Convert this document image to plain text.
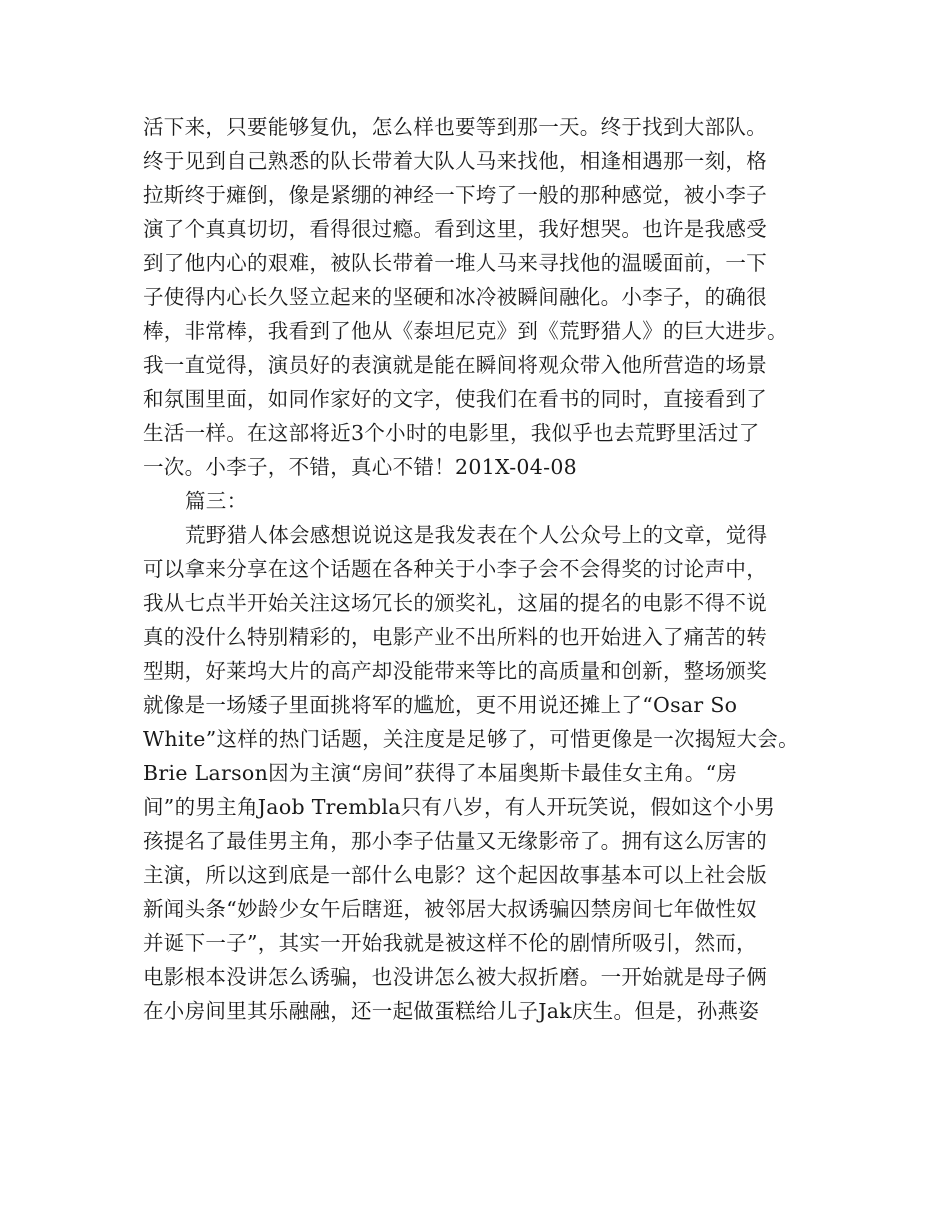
活下来，只要能够复仇，怎么样也要等到那一天。终于找到大部队。
终于见到自己熟悉的队长带着大队人马来找他，相逢相遇那一刻，格
拉斯终于瘫倒，像是紧绷的神经一下垮了一般的那种感觉，被小李子
演了个真真切切，看得很过瘾。看到这里，我好想哭。也许是我感受
到了他内心的艰难，被队长带着一堆人马来寻找他的温暖面前，一下
子使得内心长久竖立起来的坚硬和冰冷被瞬间融化。小李子，的确很
棒，非常棒，我看到了他从《泰坦尼克》到《荒野猎人》的巨大进步。
我一直觉得，演员好的表演就是能在瞬间将观众带入他所营造的场景
和氛围里面，如同作家好的文字，使我们在看书的同时，直接看到了
生活一样。在这部将近3个小时的电影里，我似乎也去荒野里活过了
一次。小李子，不错，真心不错！201X-04-08
篇三：
荒野猎人体会感想说说这是我发表在个人公众号上的文章，觉得
可以拿来分享在这个话题在各种关于小李子会不会得奖的讨论声中，
我从七点半开始关注这场冗长的颁奖礼，这届的提名的电影不得不说
真的没什么特别精彩的，电影产业不出所料的也开始进入了痛苦的转
型期，好莱坞大片的高产却没能带来等比的高质量和创新，整场颁奖
就像是一场矮子里面挑将军的尴尬，更不用说还摊上了“Osar So
White”这样的热门话题，关注度是足够了，可惜更像是一次揭短大会。
Brie Larson因为主演“房间”获得了本届奥斯卡最佳女主角。“房
间”的男主角Jaob Trembla只有八岁，有人开玩笑说，假如这个小男
孩提名了最佳男主角，那小李子估量又无缘影帝了。拥有这么厉害的
主演，所以这到底是一部什么电影？这个起因故事基本可以上社会版
新闻头条“妙龄少女午后瞎逛，被邻居大叔诱骗囚禁房间七年做性奴
并诞下一子”，其实一开始我就是被这样不伦的剧情所吸引，然而，
电影根本没讲怎么诱骗，也没讲怎么被大叔折磨。一开始就是母子俩
在小房间里其乐融融，还一起做蛋糕给儿子Jak庆生。但是，孙燕姿
